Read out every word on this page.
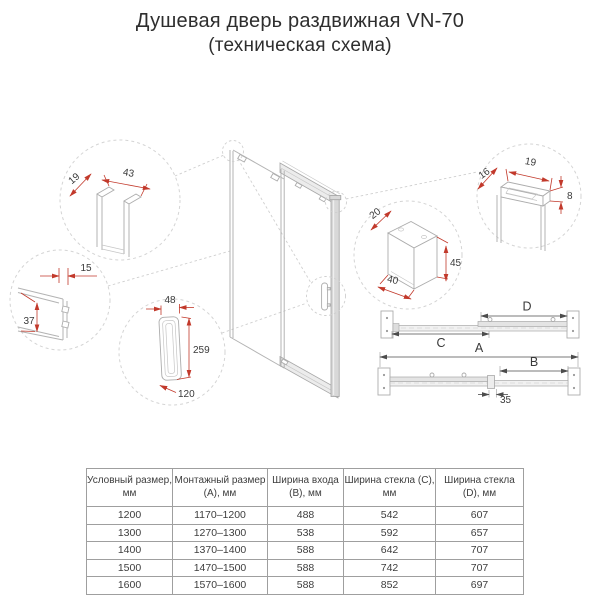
Душевая дверь раздвижная VN-70
(техническая схема)
43
19
15
37
48
259
120
20
45
40
19
16
8
D
C A
B
35
Условный размер, мм	Монтажный размер (A), мм	Ширина входа (B), мм	Ширина стекла (C), мм	Ширина стекла (D), мм
1200	1170–1200	488	542	607
1300	1270–1300	538	592	657
1400	1370–1400	588	642	707
1500	1470–1500	588	742	707
1600	1570–1600	588	852	697
